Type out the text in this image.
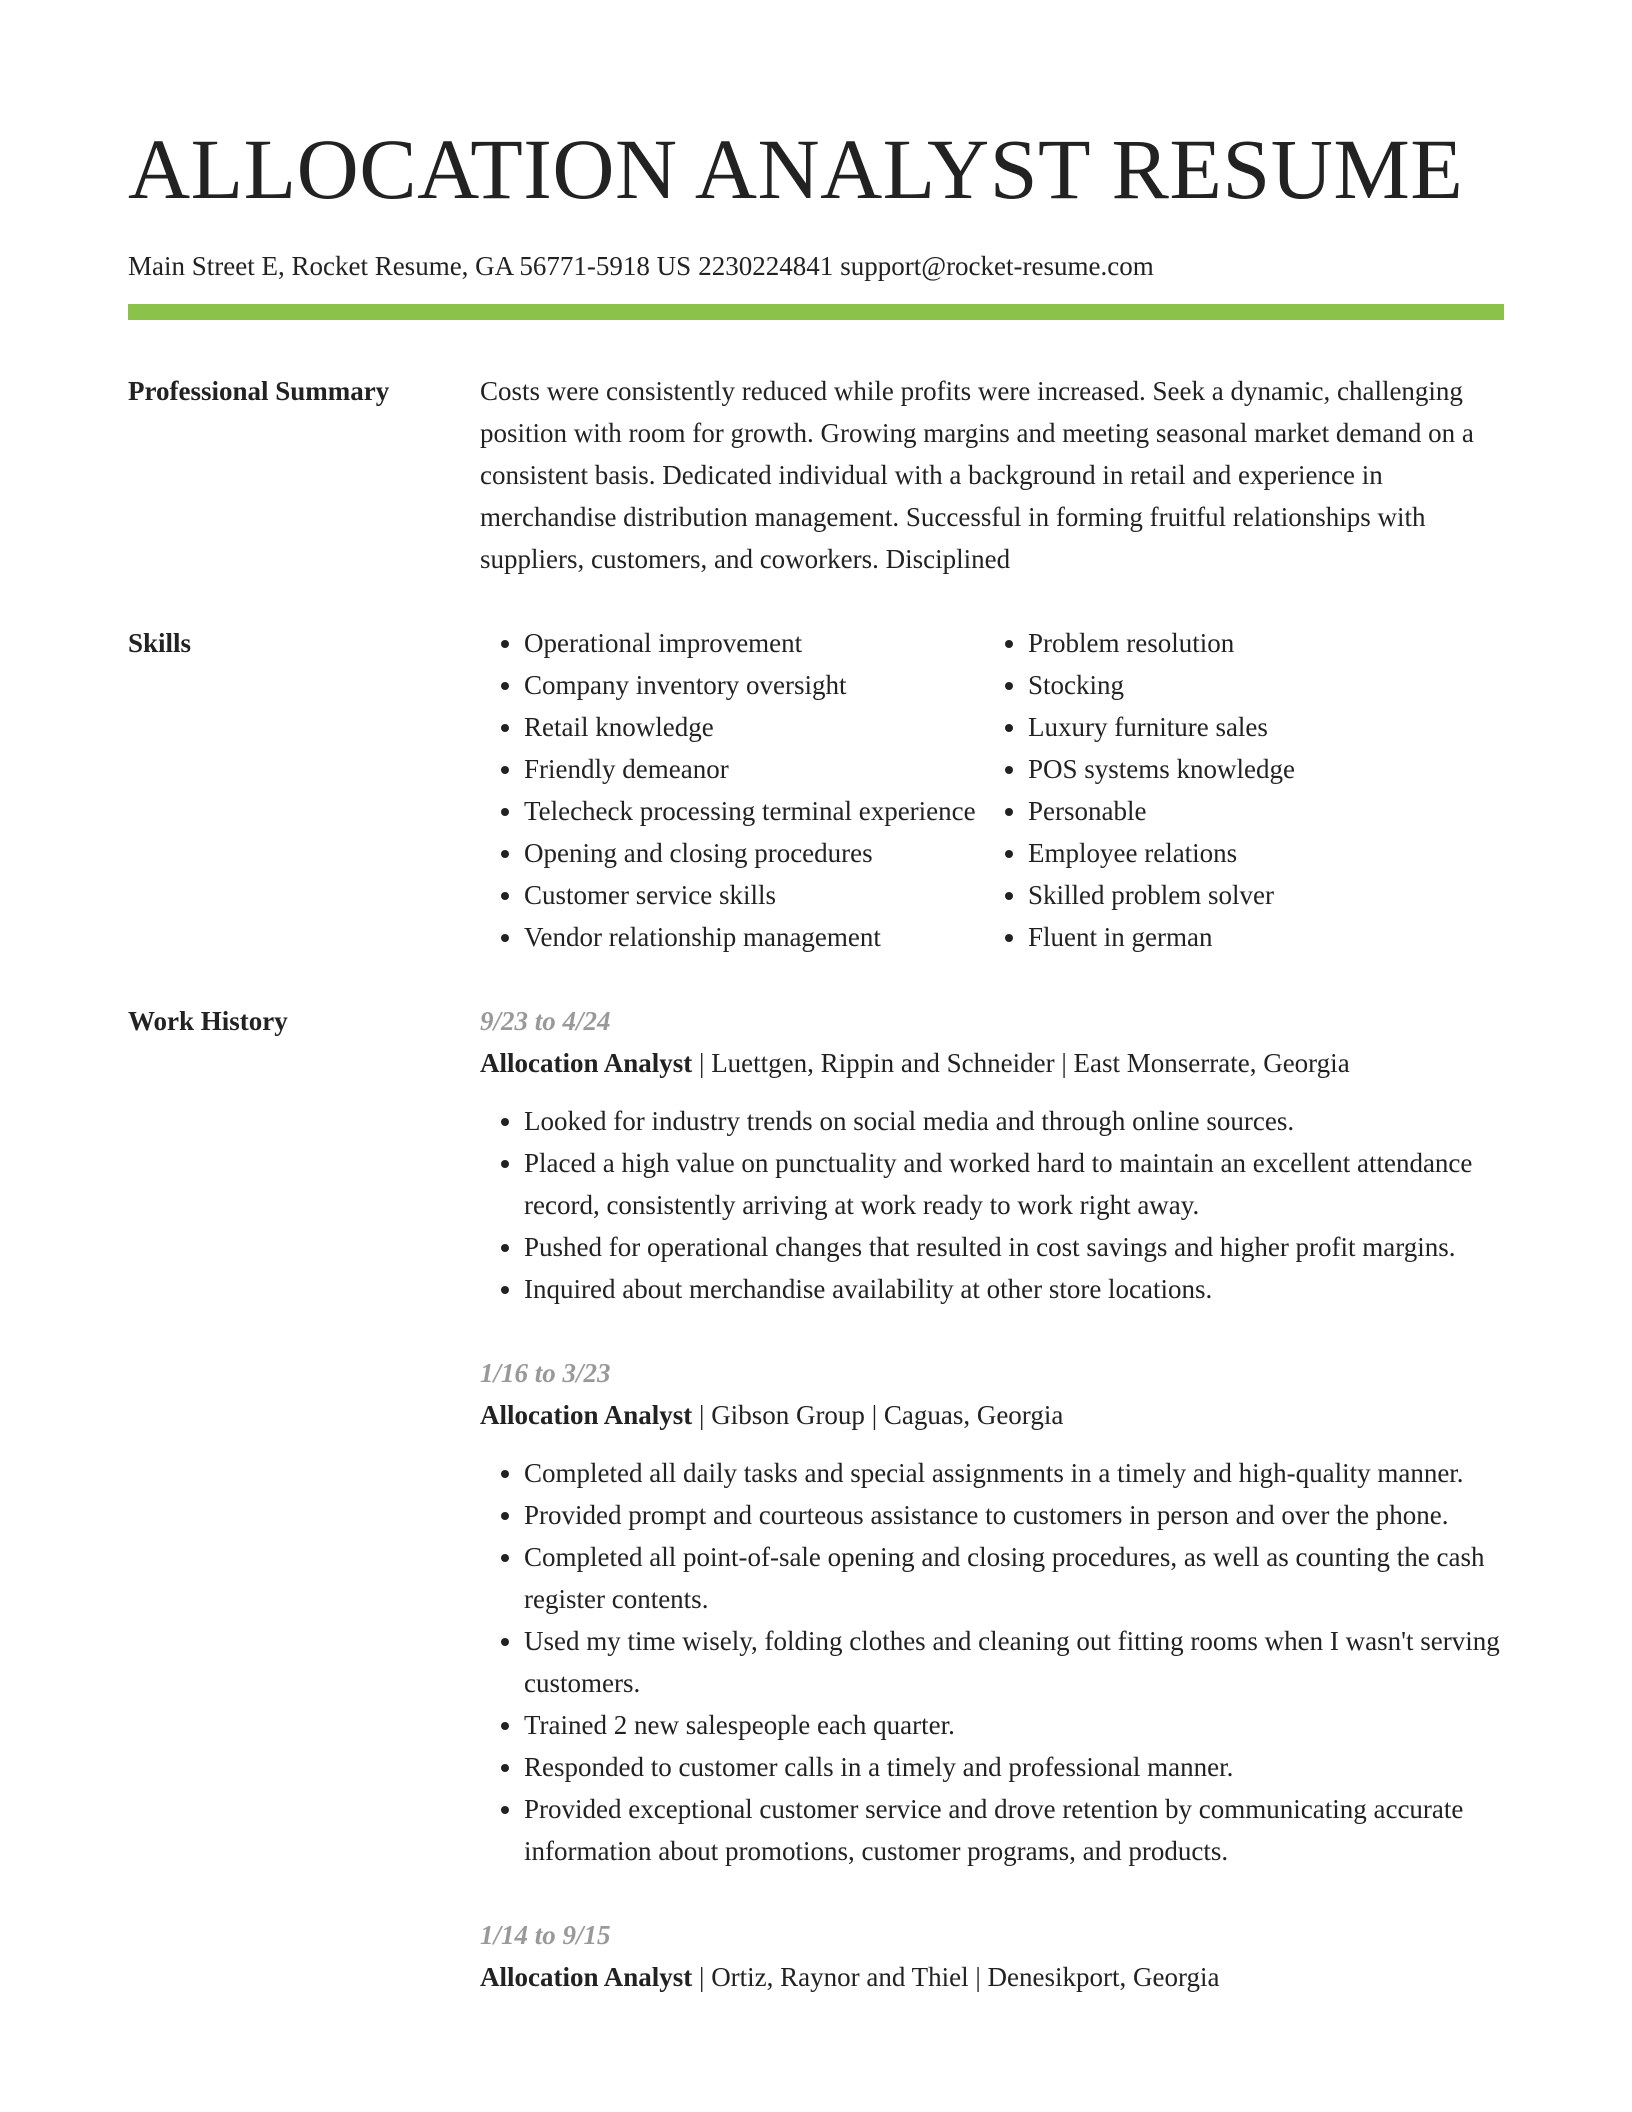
ALLOCATION ANALYST RESUME
Main Street E, Rocket Resume, GA 56771-5918 US 2230224841 support@rocket-resume.com
Professional Summary	Costs were consistently reduced while profits were increased. Seek a dynamic, challenging position with room for growth. Growing margins and meeting seasonal market demand on a consistent basis. Dedicated individual with a background in retail and experience in merchandise distribution management. Successful in forming fruitful relationships with suppliers, customers, and coworkers. Disciplined

Skills
•	Operational improvement
• Company inventory oversight
• Retail knowledge
• Friendly demeanor
• Telecheck processing terminal experience
• Opening and closing procedures
• Customer service skills
• Vendor relationship management
• Problem resolution
• Stocking
• Luxury furniture sales
• POS systems knowledge
• Personable
• Employee relations
• Skilled problem solver
• Fluent in german
Work History	9/23 to 4/24
Allocation Analyst | Luettgen, Rippin and Schneider | East Monserrate, Georgia
• Looked for industry trends on social media and through online sources.
• Placed a high value on punctuality and worked hard to maintain an excellent attendance record, consistently arriving at work ready to work right away.
• Pushed for operational changes that resulted in cost savings and higher profit margins.
• Inquired about merchandise availability at other store locations.
1/16 to 3/23
Allocation Analyst | Gibson Group | Caguas, Georgia
• Completed all daily tasks and special assignments in a timely and high-quality manner.
• Provided prompt and courteous assistance to customers in person and over the phone.
• Completed all point-of-sale opening and closing procedures, as well as counting the cash register contents.
• Used my time wisely, folding clothes and cleaning out fitting rooms when I wasn't serving customers.
• Trained 2 new salespeople each quarter.
• Responded to customer calls in a timely and professional manner.
• Provided exceptional customer service and drove retention by communicating accurate information about promotions, customer programs, and products.
1/14 to 9/15
Allocation Analyst | Ortiz, Raynor and Thiel | Denesikport, Georgia
